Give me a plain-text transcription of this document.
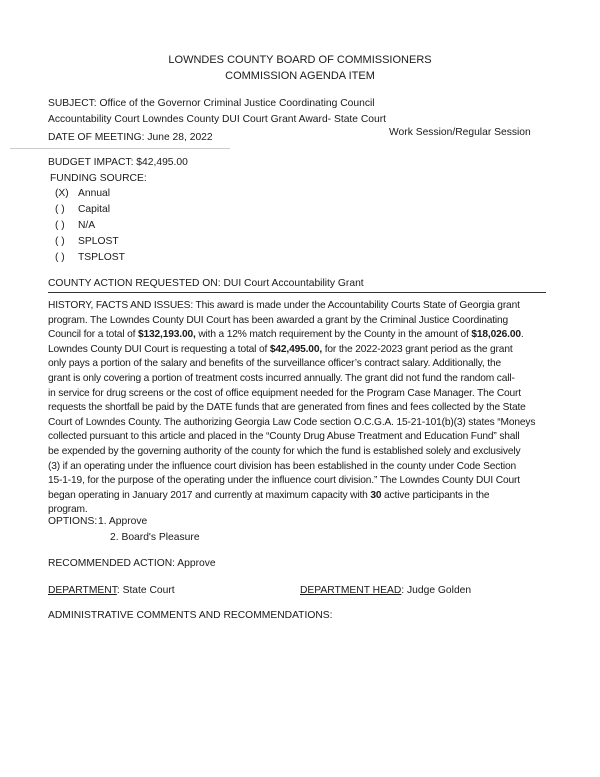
LOWNDES COUNTY BOARD OF COMMISSIONERS
COMMISSION AGENDA ITEM
SUBJECT: Office of the Governor Criminal Justice Coordinating Council
Accountability Court Lowndes County DUI Court Grant Award- State Court
DATE OF MEETING: June 28, 2022	Work Session/Regular Session
BUDGET IMPACT: $42,495.00
FUNDING SOURCE:
(X) Annual
( ) Capital
( ) N/A
( ) SPLOST
( ) TSPLOST
COUNTY ACTION REQUESTED ON: DUI Court Accountability Grant
HISTORY, FACTS AND ISSUES: This award is made under the Accountability Courts State of Georgia grant
program. The Lowndes County DUI Court has been awarded a grant by the Criminal Justice Coordinating
Council for a total of $132,193.00, with a 12% match requirement by the County in the amount of $18,026.00.
Lowndes County DUI Court is requesting a total of $42,495.00, for the 2022-2023 grant period as the grant
only pays a portion of the salary and benefits of the surveillance officer’s contract salary. Additionally, the
grant is only covering a portion of treatment costs incurred annually. The grant did not fund the random call-
in service for drug screens or the cost of office equipment needed for the Program Case Manager. The Court
requests the shortfall be paid by the DATE funds that are generated from fines and fees collected by the State
Court of Lowndes County. The authorizing Georgia Law Code section O.C.G.A. 15-21-101(b)(3) states “Moneys
collected pursuant to this article and placed in the “County Drug Abuse Treatment and Education Fund” shall
be expended by the governing authority of the county for which the fund is established solely and exclusively
(3) if an operating under the influence court division has been established in the county under Code Section
15-1-19, for the purpose of the operating under the influence court division.” The Lowndes County DUI Court
began operating in January 2017 and currently at maximum capacity with 30 active participants in the
program.
OPTIONS: 1. Approve
2. Board's Pleasure
RECOMMENDED ACTION: Approve
DEPARTMENT: State Court	DEPARTMENT HEAD: Judge Golden
ADMINISTRATIVE COMMENTS AND RECOMMENDATIONS:
